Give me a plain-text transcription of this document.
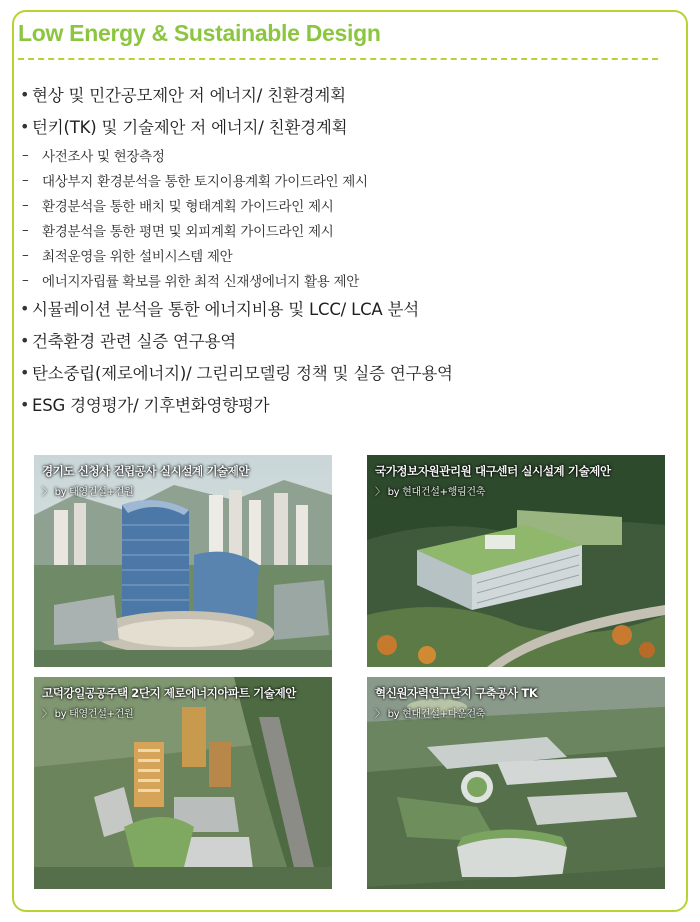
Low Energy & Sustainable Design
• 현상 및 민간공모제안 저 에너지/ 친환경계획
• 턴키(TK) 및 기술제안 저 에너지/ 친환경계획
–	사전조사 및 현장측정
–	대상부지 환경분석을 통한 토지이용계획 가이드라인 제시
–	환경분석을 통한 배치 및 형태계획 가이드라인 제시
–	환경분석을 통한 평면 및 외피계획 가이드라인 제시
–	최적운영을 위한 설비시스템 제안
–	에너지자립률 확보를 위한 최적 신재생에너지 활용 제안
• 시뮬레이션 분석을 통한 에너지비용 및 LCC/ LCA 분석
• 건축환경 관련 실증 연구용역
• 탄소중립(제로에너지)/ 그린리모델링 정책 및 실증 연구용역
• ESG 경영평가/ 기후변화영향평가
경기도 신청사 건립공사 실시설계 기술제안
〉 by 태영건설+건원
국가정보자원관리원 대구센터 실시설계 기술제안
〉 by 현대건설+행림건축
고덕강일공공주택 2단지 제로에너지아파트 기술제안
〉 by 태영건설+건원
혁신원자력연구단지 구축공사 TK
〉 by 현대건설+다운건축
